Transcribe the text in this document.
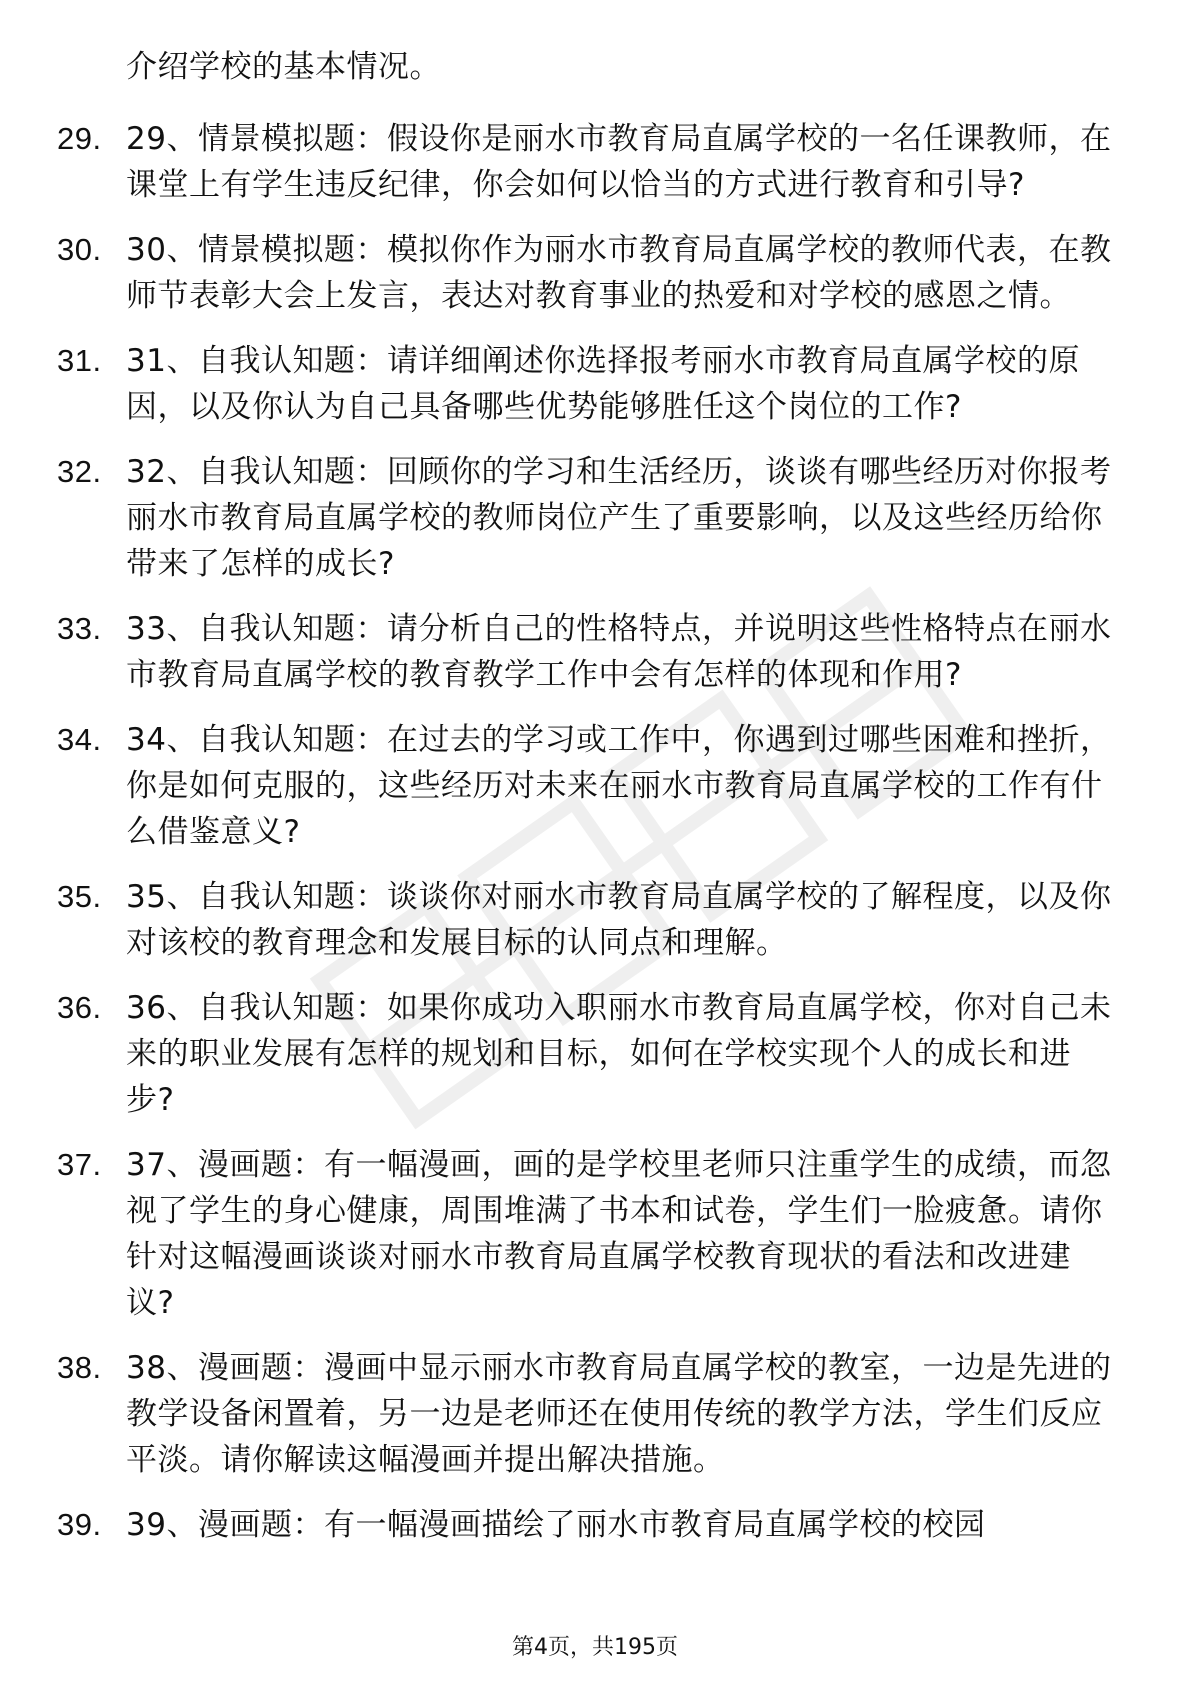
介绍学校的基本情况。
29. 29、情景模拟题：假设你是丽水市教育局直属学校的一名任课教师，在课堂上有学生违反纪律，你会如何以恰当的方式进行教育和引导?
30. 30、情景模拟题：模拟你作为丽水市教育局直属学校的教师代表，在教师节表彰大会上发言，表达对教育事业的热爱和对学校的感恩之情。
31. 31、自我认知题：请详细阐述你选择报考丽水市教育局直属学校的原因，以及你认为自己具备哪些优势能够胜任这个岗位的工作?
32. 32、自我认知题：回顾你的学习和生活经历，谈谈有哪些经历对你报考丽水市教育局直属学校的教师岗位产生了重要影响，以及这些经历给你带来了怎样的成长?
33. 33、自我认知题：请分析自己的性格特点，并说明这些性格特点在丽水市教育局直属学校的教育教学工作中会有怎样的体现和作用?
34. 34、自我认知题：在过去的学习或工作中，你遇到过哪些困难和挫折，你是如何克服的，这些经历对未来在丽水市教育局直属学校的工作有什么借鉴意义?
35. 35、自我认知题：谈谈你对丽水市教育局直属学校的了解程度，以及你对该校的教育理念和发展目标的认同点和理解。
36. 36、自我认知题：如果你成功入职丽水市教育局直属学校，你对自己未来的职业发展有怎样的规划和目标，如何在学校实现个人的成长和进步?
37. 37、漫画题：有一幅漫画，画的是学校里老师只注重学生的成绩，而忽视了学生的身心健康，周围堆满了书本和试卷，学生们一脸疲惫。请你针对这幅漫画谈谈对丽水市教育局直属学校教育现状的看法和改进建议?
38. 38、漫画题：漫画中显示丽水市教育局直属学校的教室，一边是先进的教学设备闲置着，另一边是老师还在使用传统的教学方法，学生们反应平淡。请你解读这幅漫画并提出解决措施。
39. 39、漫画题：有一幅漫画描绘了丽水市教育局直属学校的校园
第4页，共195页
